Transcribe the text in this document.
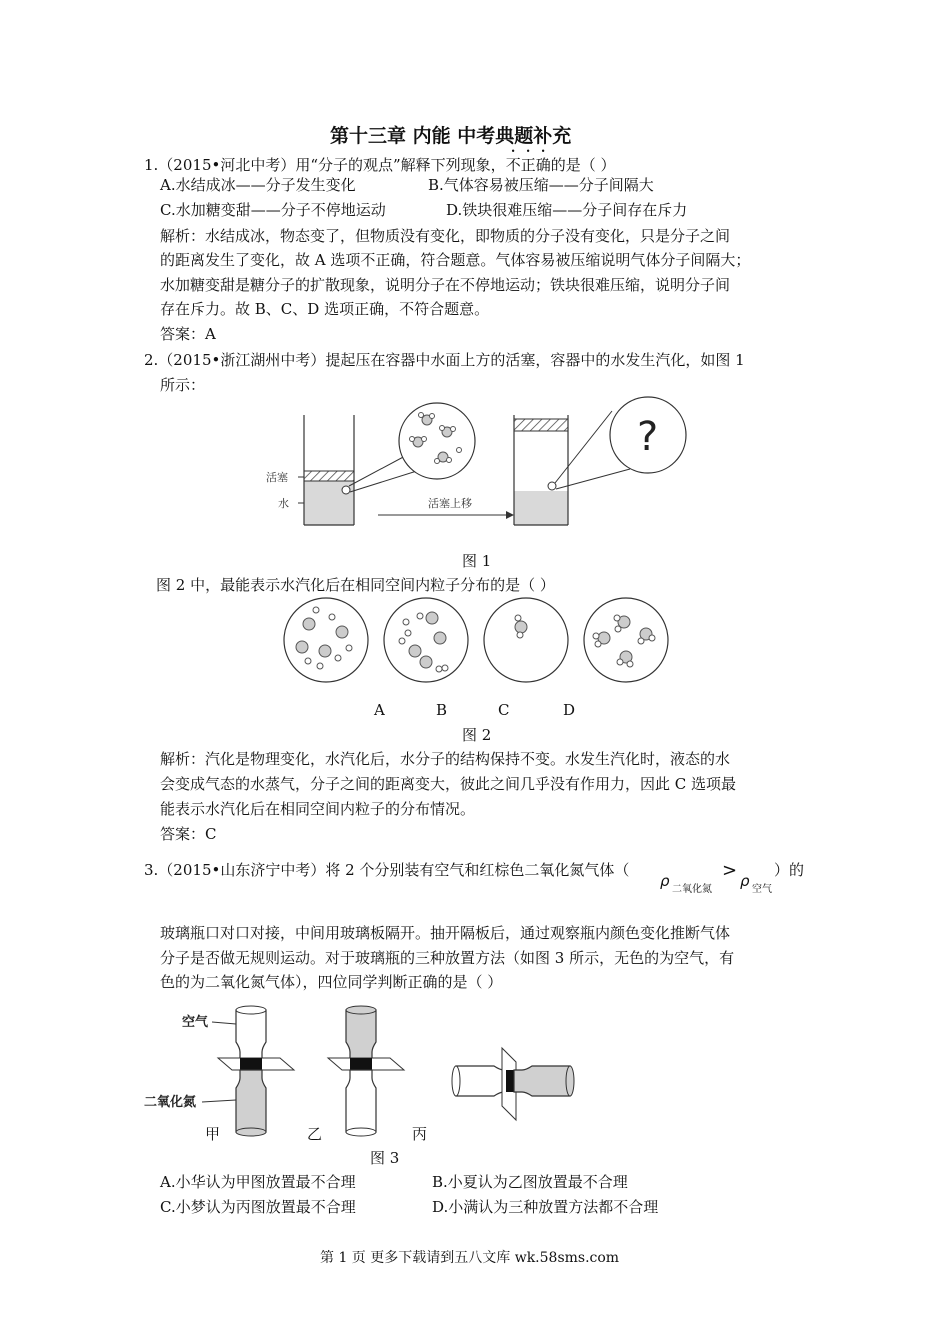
第十三章 内能 中考典题补充
1.（2015•河北中考）用“分子的观点”解释下列现象，不正确的是（ ）
A.水结成冰——分子发生变化	B.气体容易被压缩——分子间隔大
C.水加糖变甜——分子不停地运动	D.铁块很难压缩——分子间存在斥力
解析：水结成冰，物态变了，但物质没有变化，即物质的分子没有变化，只是分子之间
的距离发生了变化，故 A 选项不正确，符合题意。气体容易被压缩说明气体分子间隔大；
水加糖变甜是糖分子的扩散现象，说明分子在不停地运动；铁块很难压缩，说明分子间
存在斥力。故 B、C、D 选项正确，不符合题意。
答案：A
2.（2015•浙江湖州中考）提起压在容器中水面上方的活塞，容器中的水发生汽化，如图 1
所示：
活塞
水	活塞上移
?
图 1
图 2 中，最能表示水汽化后在相同空间内粒子分布的是（ ）
A	B	C	D
图 2
解析：汽化是物理变化，水汽化后，水分子的结构保持不变。水发生汽化时，液态的水
会变成气态的水蒸气，分子之间的距离变大，彼此之间几乎没有作用力，因此 C 选项最
能表示水汽化后在相同空间内粒子的分布情况。
答案：C
3.（2015•山东济宁中考）将 2 个分别装有空气和红棕色二氧化氮气体（
ρ 二氧化氮
> ρ 空气
）的
玻璃瓶口对口对接，中间用玻璃板隔开。抽开隔板后，通过观察瓶内颜色变化推断气体
分子是否做无规则运动。对于玻璃瓶的三种放置方法（如图 3 所示，无色的为空气，有
色的为二氧化氮气体），四位同学判断正确的是（ ）
空气
二氧化氮
甲	乙	丙
图 3
A.小华认为甲图放置最不合理	B.小夏认为乙图放置最不合理
C.小梦认为丙图放置最不合理	D.小满认为三种放置方法都不合理
第 1 页 更多下载请到五八文库 wk.58sms.com
